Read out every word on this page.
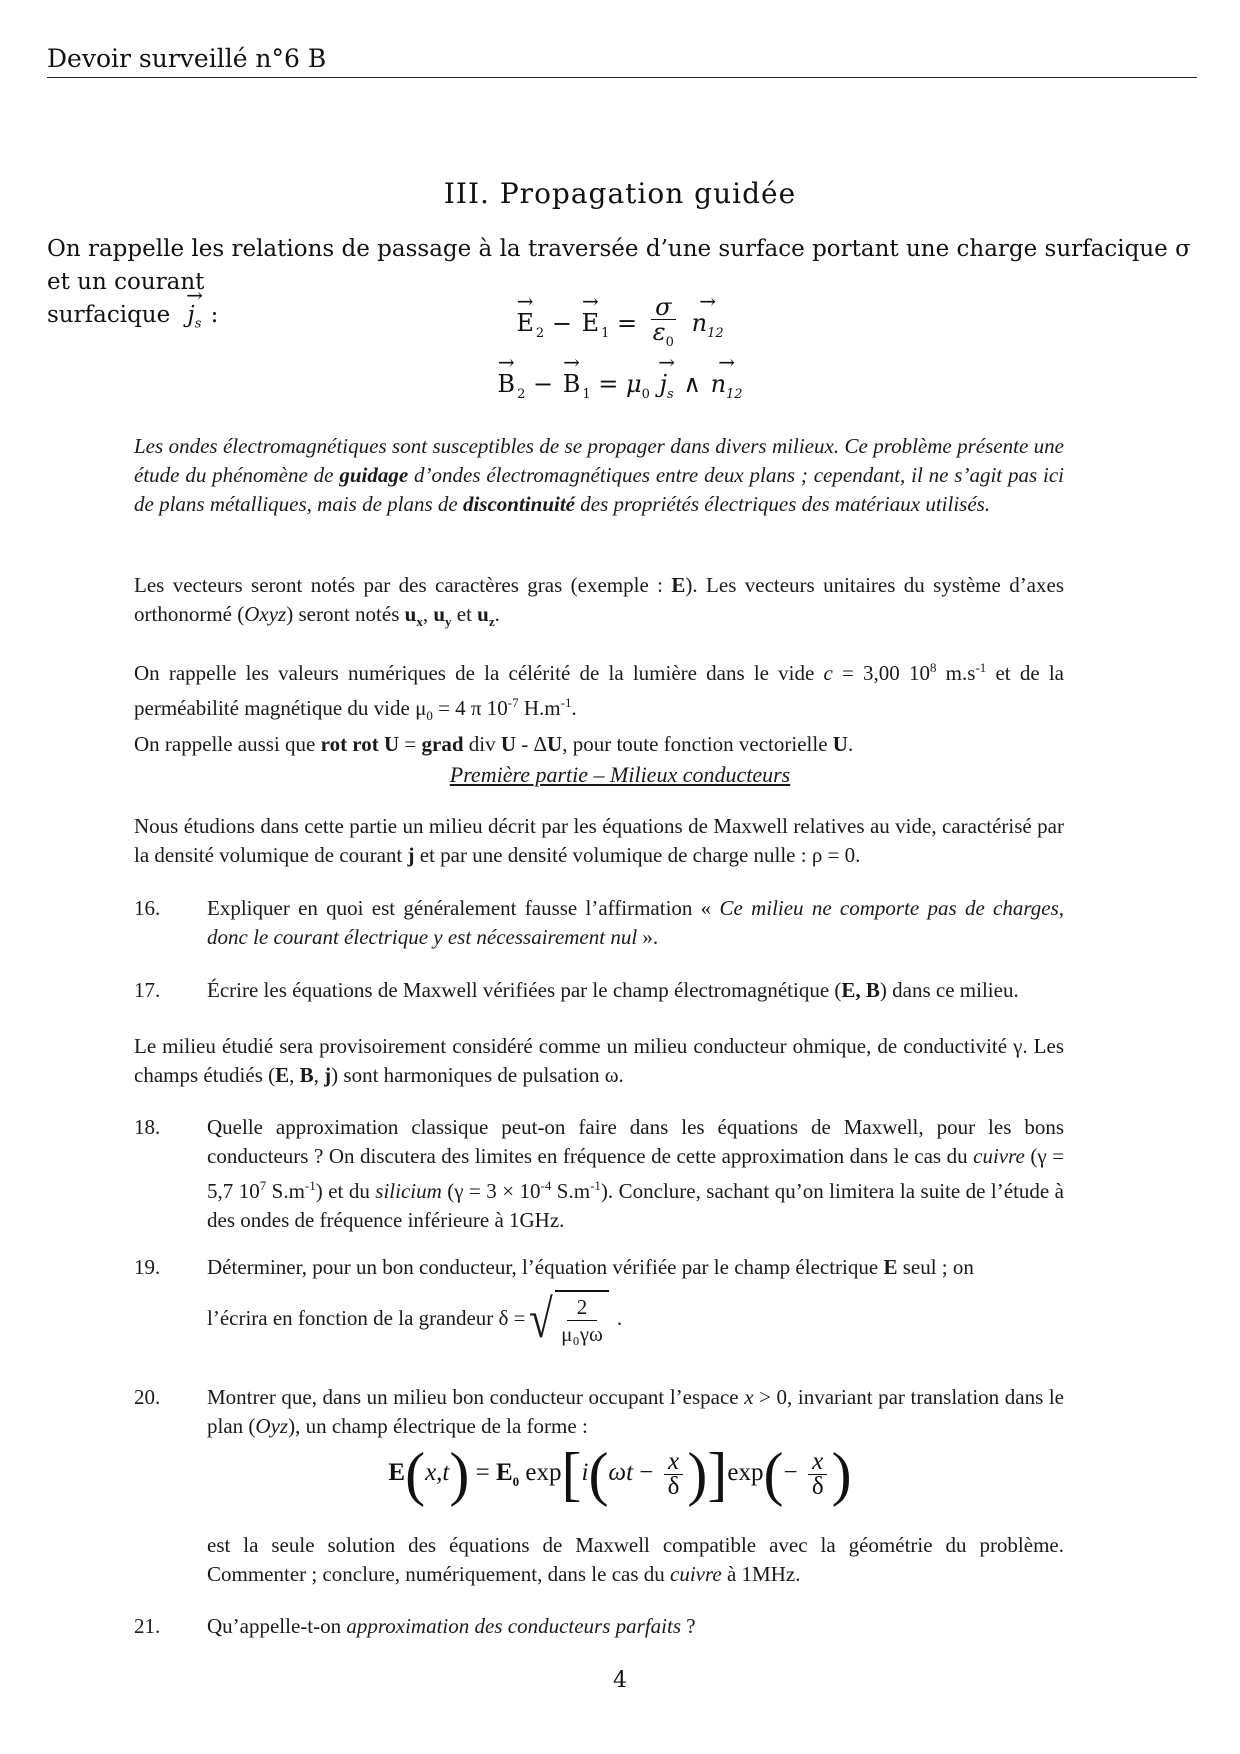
Devoir surveillé n°6 B
III. Propagation guidée
On rappelle les relations de passage à la traversée d’une surface portant une charge surfacique σ et un courant
surfacique → $j_s$ :
→	E $_2$ − → E $_1 = \frac{\sigma}{\varepsilon_0}$
→ $n_{12}$
→ B $_2$ − → B $_1 = \mu_0 \to j_s$ ∧ → $n_{12}$
Les ondes électromagnétiques sont susceptibles de se propager dans divers milieux. Ce problème présente une étude du phénomène de guidage d’ondes électromagnétiques entre deux plans ; cependant, il ne s’agit pas ici de plans métalliques, mais de plans de discontinuité des propriétés électriques des matériaux utilisés.
Les vecteurs seront notés par des caractères gras (exemple : E). Les vecteurs unitaires du système d’axes orthonormé (Oxyz) seront notés $u_x$, $u_y$ et $u_z$.
On rappelle les valeurs numériques de la célérité de la lumière dans le vide c = 3,00 $10^8$ $m.s^{-1}$ et de la perméabilité magnétique du vide $\mu_0 = 4$ π $10^{-7}$ $H.m^{-1}$.
On rappelle aussi que rot rot U = grad div U - ΔU, pour toute fonction vectorielle U.
Première partie – Milieux conducteurs
Nous étudions dans cette partie un milieu décrit par les équations de Maxwell relatives au vide, caractérisé par la densité volumique de courant j et par une densité volumique de charge nulle : ρ = 0.
16. Expliquer en quoi est généralement fausse l’affirmation « Ce milieu ne comporte pas de charges, donc le courant électrique y est nécessairement nul ».
17. Écrire les équations de Maxwell vérifiées par le champ électromagnétique (E, B) dans ce milieu.
Le milieu étudié sera provisoirement considéré comme un milieu conducteur ohmique, de conductivité γ. Les champs étudiés (E, B, j) sont harmoniques de pulsation ω.
18. Quelle approximation classique peut-on faire dans les équations de Maxwell, pour les bons conducteurs ? On discutera des limites en fréquence de cette approximation dans le cas du cuivre (γ = 5,7 $10^7$ $S.m^{-1}$) et du silicium ($\gamma = 3 \times 10^{-4}$ $S.m^{-1}$). Conclure, sachant qu’on limitera la suite de l’étude à des ondes de fréquence inférieure à 1GHz.
19. Déterminer, pour un bon conducteur, l’équation vérifiée par le champ électrique E seul ; on
l’écrira en fonction de la grandeur δ = √	2
μ₀γω
.
20. Montrer que, dans un milieu bon conducteur occupant l’espace x > 0, invariant par translation dans le plan (Oyz), un champ électrique de la forme :
$E(x,t) = E_0$ $\exp[i(\omega t - \frac{x}{\delta} )]\exp(- \frac{x}{\delta}$ )
est la seule solution des équations de Maxwell compatible avec la géométrie du problème. Commenter ; conclure, numériquement, dans le cas du cuivre à 1MHz.
21. Qu’appelle-t-on approximation des conducteurs parfaits ?
4
